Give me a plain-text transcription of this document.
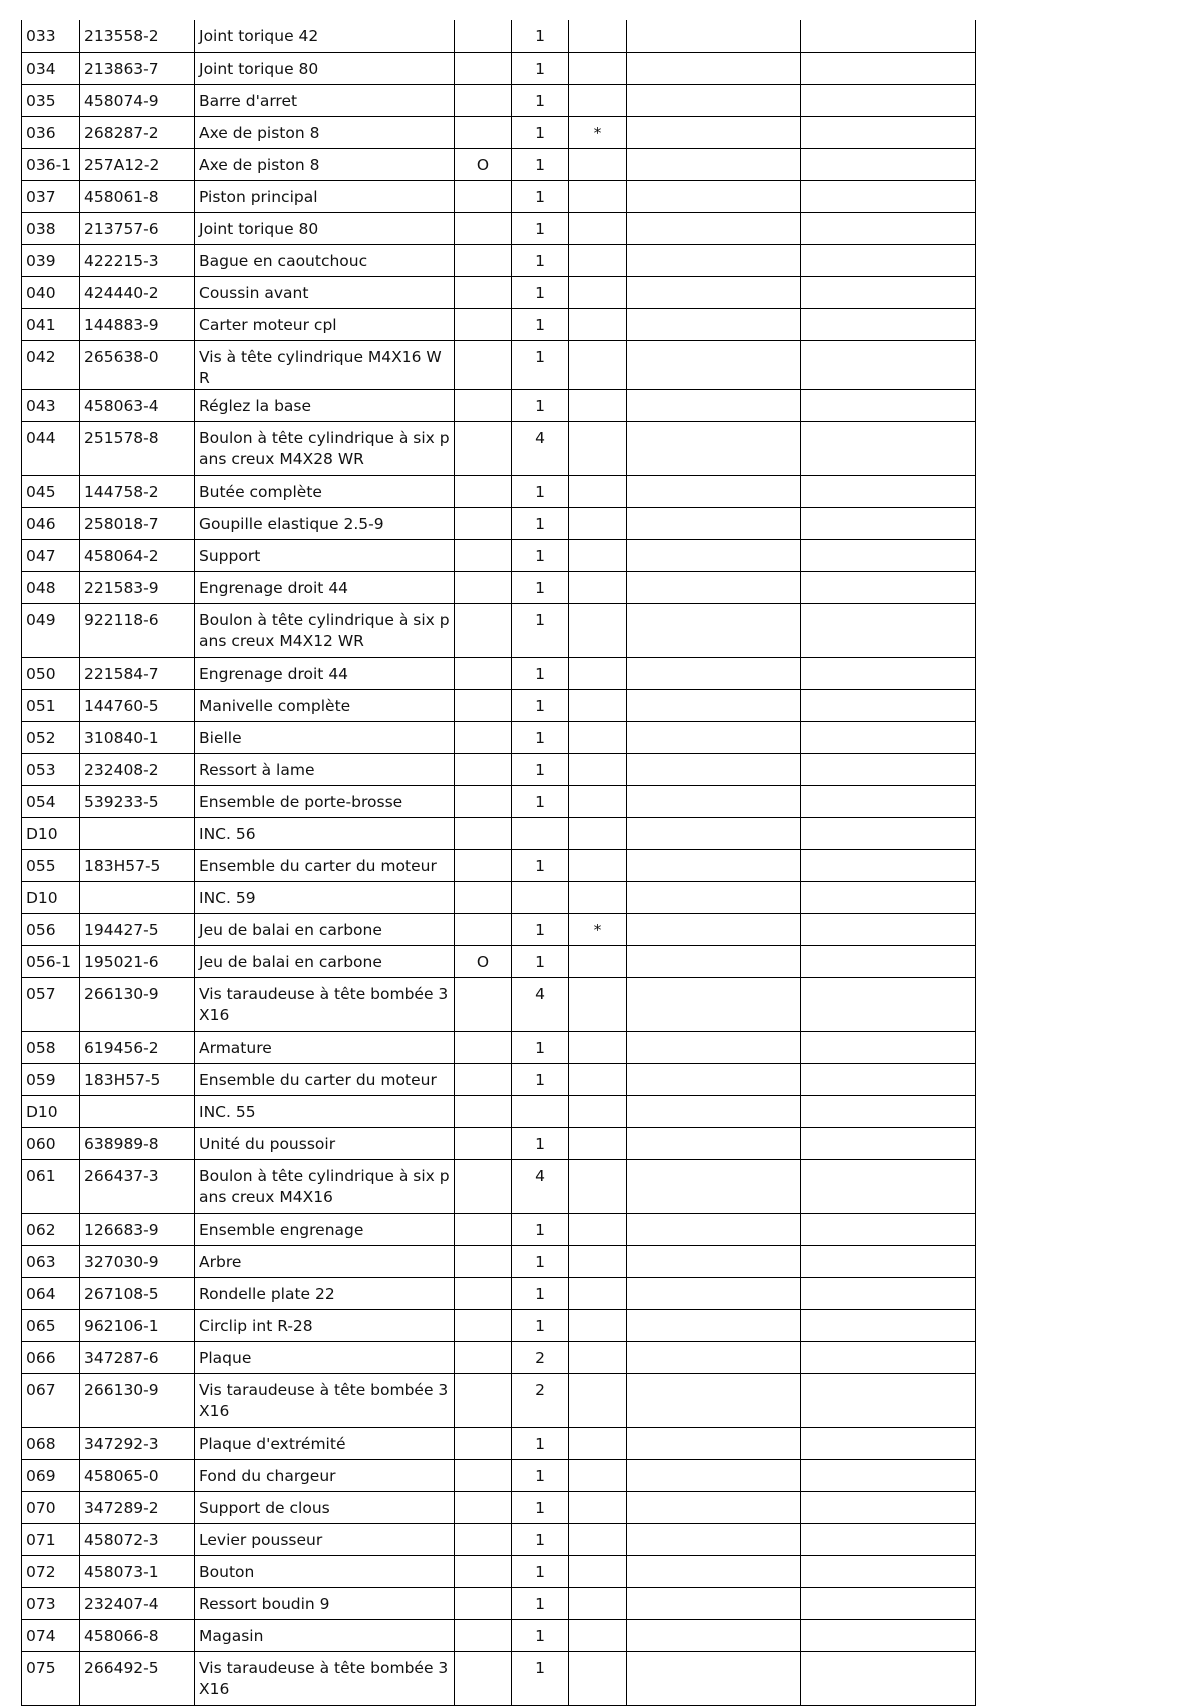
033	213558-2	Joint torique 42		1			
034	213863-7	Joint torique 80		1			
035	458074-9	Barre d'arret		1			
036	268287-2	Axe de piston 8		1	*		
036-1	257A12-2	Axe de piston 8	O	1			
037	458061-8	Piston principal		1			
038	213757-6	Joint torique 80		1			
039	422215-3	Bague en caoutchouc		1			
040	424440-2	Coussin avant		1			
041	144883-9	Carter moteur cpl		1			
042	265638-0	Vis à tête cylindrique M4X16 WR		1			
043	458063-4	Réglez la base		1			
044	251578-8	Boulon à tête cylindrique à six pans creux M4X28 WR		4			
045	144758-2	Butée complète		1			
046	258018-7	Goupille elastique 2.5-9		1			
047	458064-2	Support		1			
048	221583-9	Engrenage droit 44		1			
049	922118-6	Boulon à tête cylindrique à six pans creux M4X12 WR		1			
050	221584-7	Engrenage droit 44		1			
051	144760-5	Manivelle complète		1			
052	310840-1	Bielle		1			
053	232408-2	Ressort à lame		1			
054	539233-5	Ensemble de porte-brosse		1			
D10		INC. 56					
055	183H57-5	Ensemble du carter du moteur		1			
D10		INC. 59					
056	194427-5	Jeu de balai en carbone		1	*		
056-1	195021-6	Jeu de balai en carbone	O	1			
057	266130-9	Vis taraudeuse à tête bombée 3X16		4			
058	619456-2	Armature		1			
059	183H57-5	Ensemble du carter du moteur		1			
D10		INC. 55					
060	638989-8	Unité du poussoir		1			
061	266437-3	Boulon à tête cylindrique à six pans creux M4X16		4			
062	126683-9	Ensemble engrenage		1			
063	327030-9	Arbre		1			
064	267108-5	Rondelle plate 22		1			
065	962106-1	Circlip int R-28		1			
066	347287-6	Plaque		2			
067	266130-9	Vis taraudeuse à tête bombée 3X16		2			
068	347292-3	Plaque d'extrémité		1			
069	458065-0	Fond du chargeur		1			
070	347289-2	Support de clous		1			
071	458072-3	Levier pousseur		1			
072	458073-1	Bouton		1			
073	232407-4	Ressort boudin 9		1			
074	458066-8	Magasin		1			
075	266492-5	Vis taraudeuse à tête bombée 3X16		1			
